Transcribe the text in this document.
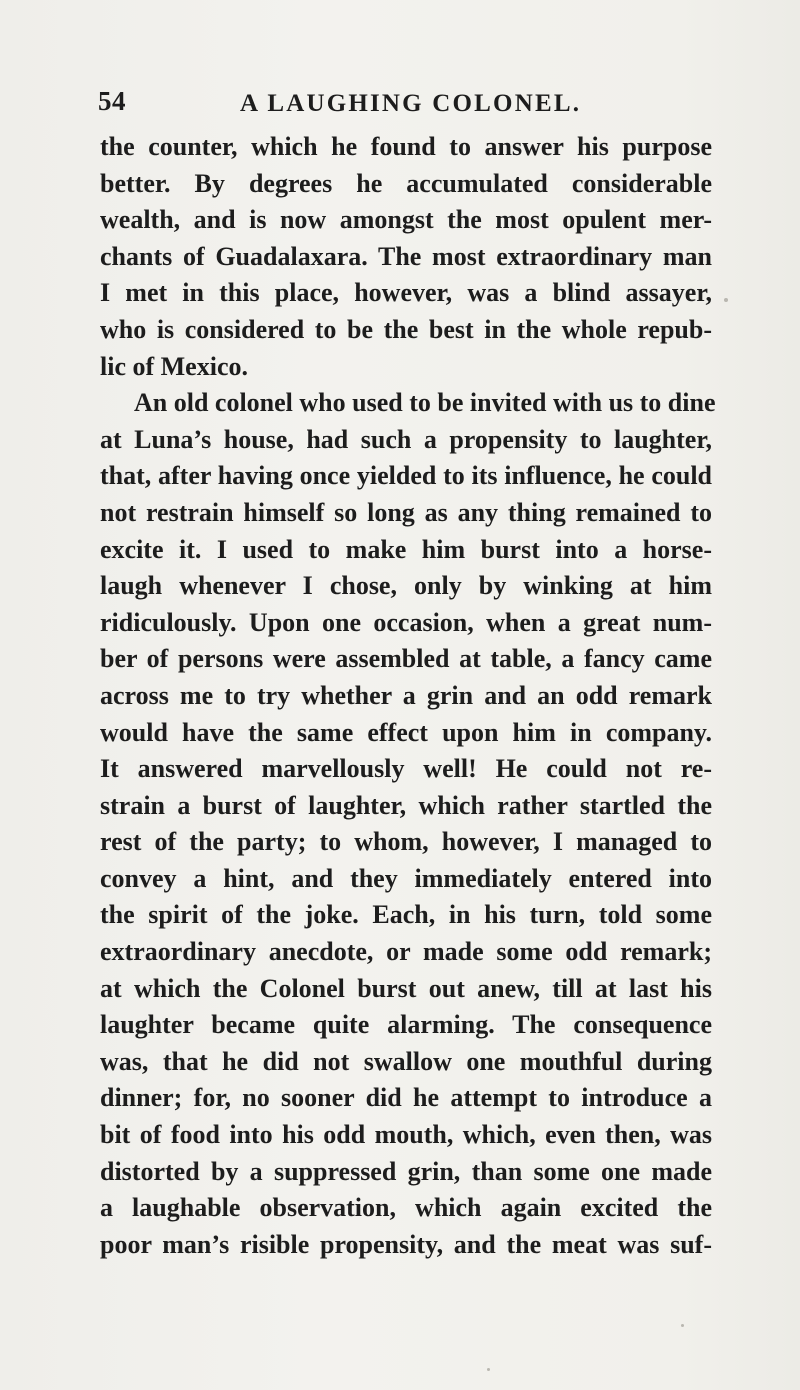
54	A LAUGHING COLONEL.
the counter, which he found to answer his purpose
better. By degrees he accumulated considerable
wealth, and is now amongst the most opulent mer-
chants of Guadalaxara. The most extraordinary man
I met in this place, however, was a blind assayer,
who is considered to be the best in the whole repub-
lic of Mexico.
An old colonel who used to be invited with us to dine
at Luna’s house, had such a propensity to laughter,
that, after having once yielded to its influence, he could
not restrain himself so long as any thing remained to
excite it. I used to make him burst into a horse-
laugh whenever I chose, only by winking at him
ridiculously. Upon one occasion, when a great num-
ber of persons were assembled at table, a fancy came
across me to try whether a grin and an odd remark
would have the same effect upon him in company.
It answered marvellously well! He could not re-
strain a burst of laughter, which rather startled the
rest of the party; to whom, however, I managed to
convey a hint, and they immediately entered into
the spirit of the joke. Each, in his turn, told some
extraordinary anecdote, or made some odd remark;
at which the Colonel burst out anew, till at last his
laughter became quite alarming. The consequence
was, that he did not swallow one mouthful during
dinner; for, no sooner did he attempt to introduce a
bit of food into his odd mouth, which, even then, was
distorted by a suppressed grin, than some one made
a laughable observation, which again excited the
poor man’s risible propensity, and the meat was suf-
